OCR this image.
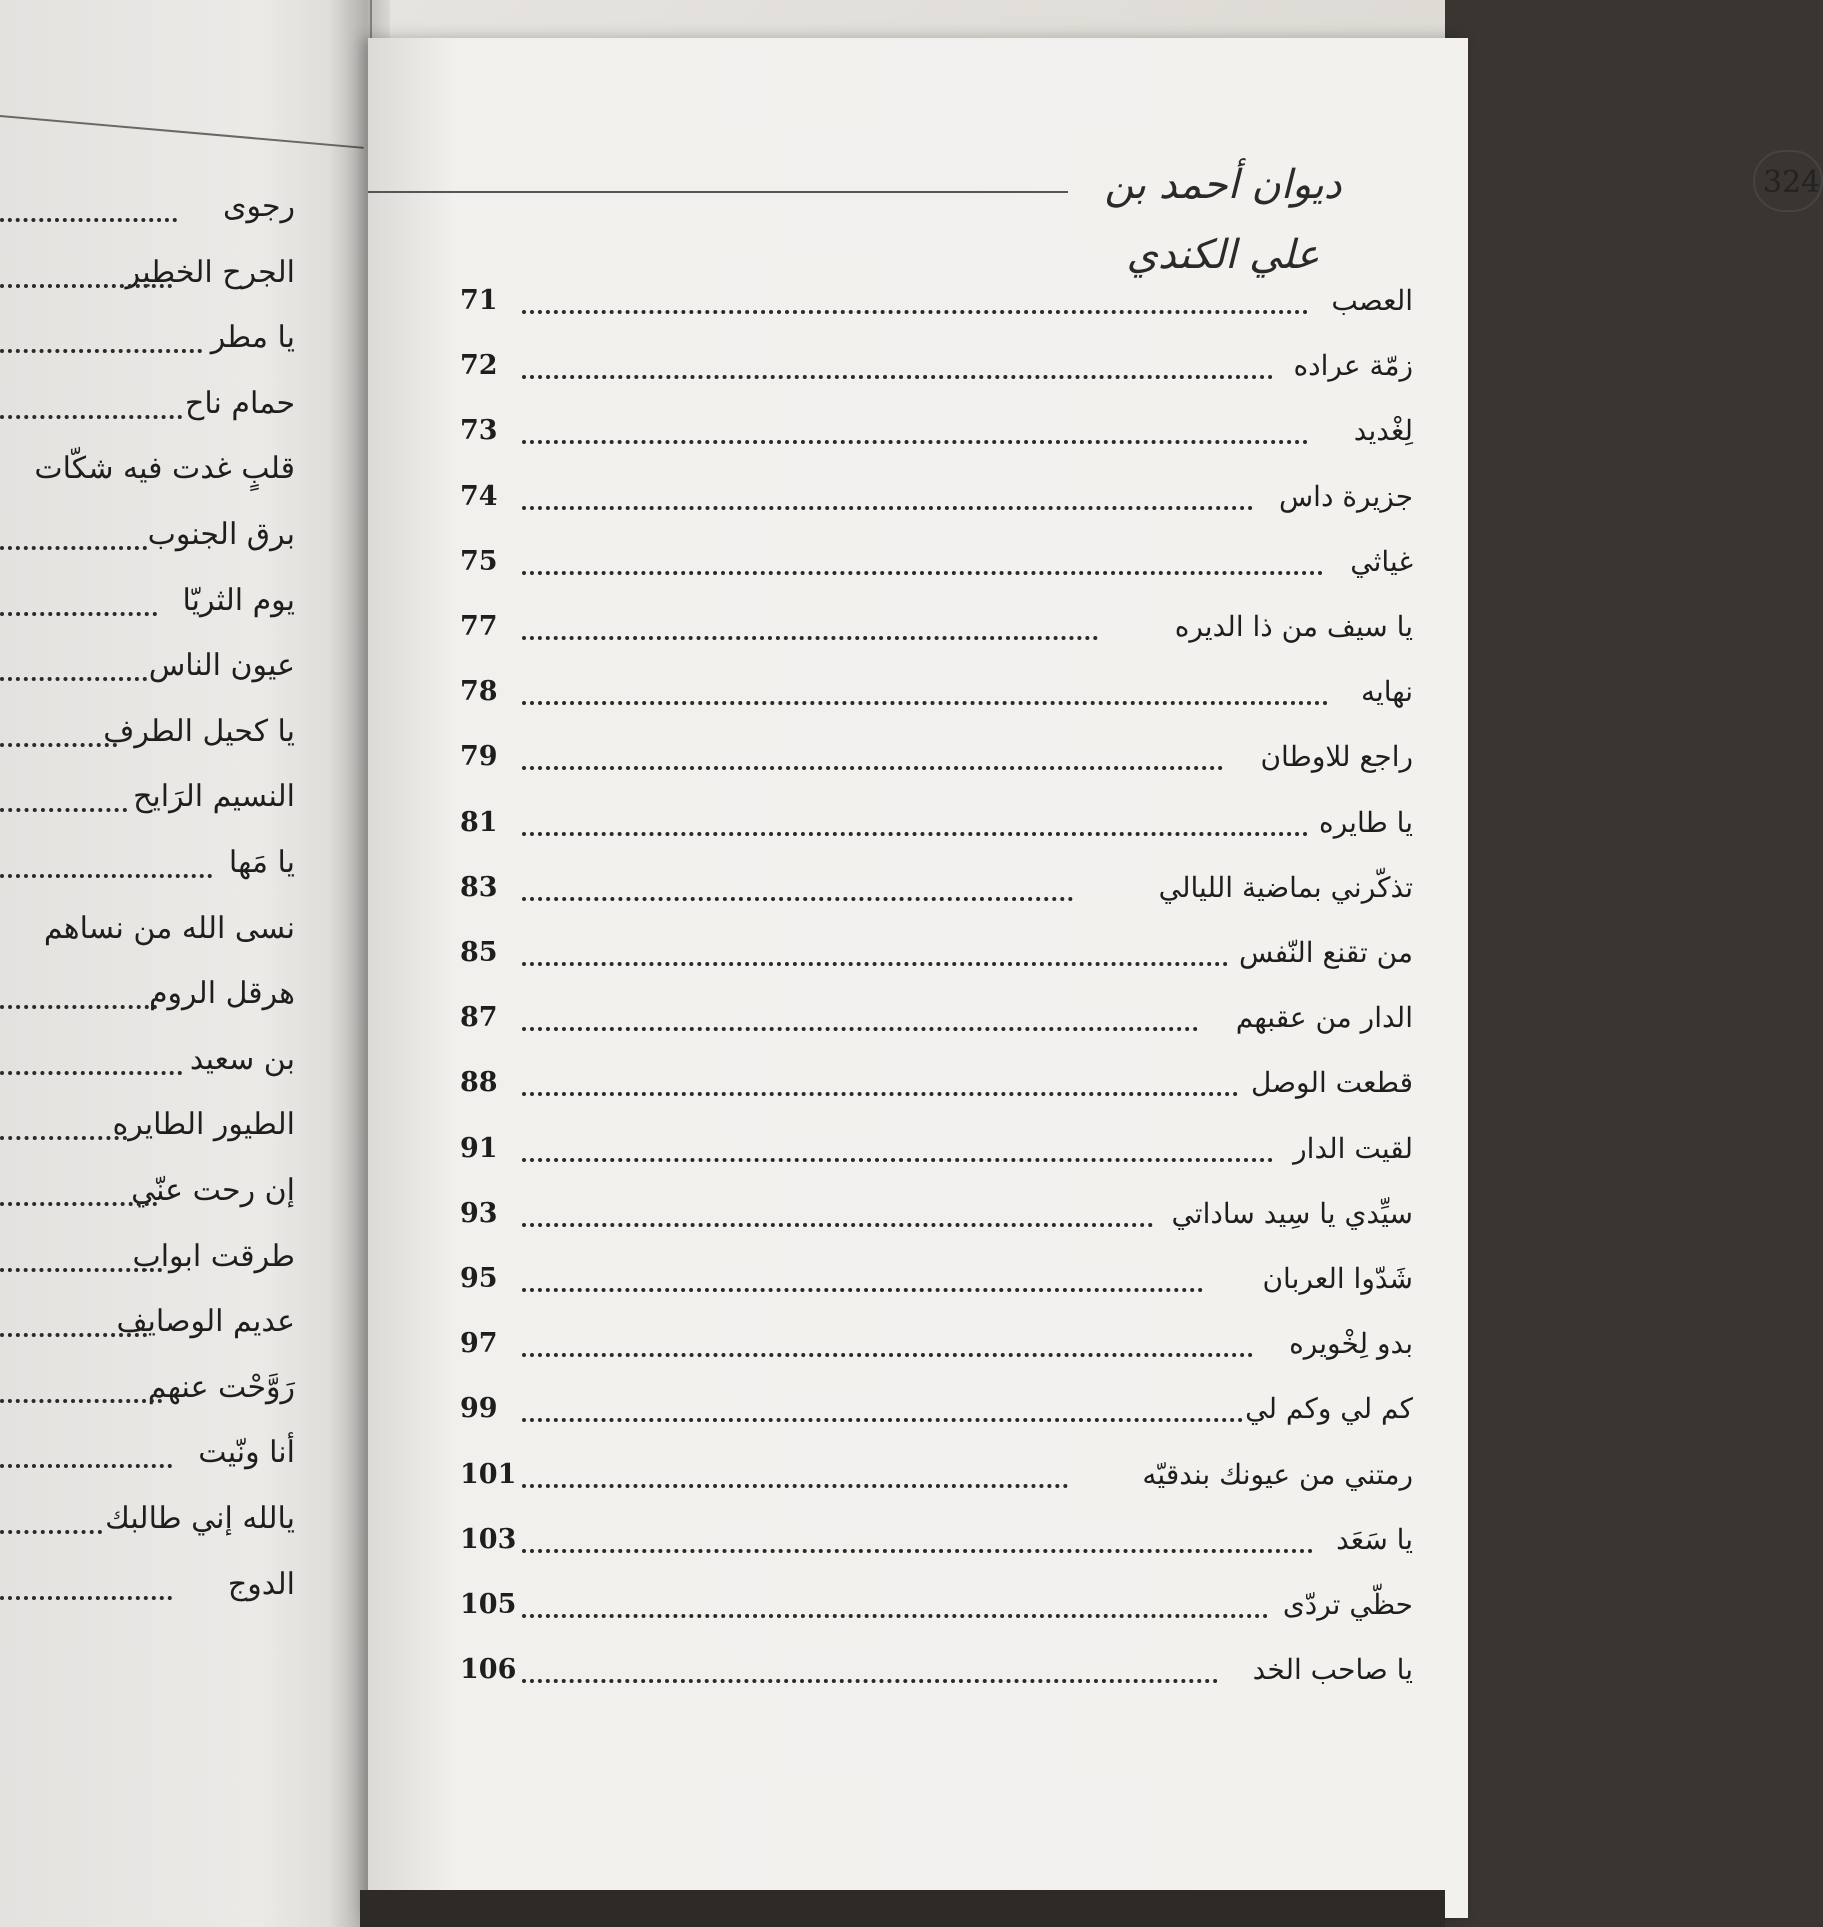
رجوى
الجرح الخطير
يا مطر
حمام ناح
قلبٍ غدت فيه شكّات
برق الجنوب
يوم الثريّا
عيون الناس
يا كحيل الطرف
النسيم الرَايح
يا مَها
نسى الله من نساهم
هرقل الروم
بن سعيد
الطيور الطايره
إن رحت عنّي
طرقت ابواب
عديم الوصايف
رَوَّحْت عنهم
أنا ونّيت
يالله إني طالبك
الدوج
ديوان أحمد بن علي الكندي
324
العصب
71
زمّة عراده
72
لِغْديد
73
جزيرة داس
74
غياثي
75
يا سيف من ذا الديره
77
نهايه
78
راجع للاوطان
79
يا طايره
81
تذكّرني بماضية الليالي
83
من تقنع النّفس
85
الدار من عقبهم
87
قطعت الوصل
88
لقيت الدار
91
سيِّدي يا سِيد ساداتي
93
شَدّوا العربان
95
بدو لِخْويره
97
كم لي وكم لي
99
رمتني من عيونك بندقيّه
101
يا سَعَد
103
حظّي تردّى
105
يا صاحب الخد
106
